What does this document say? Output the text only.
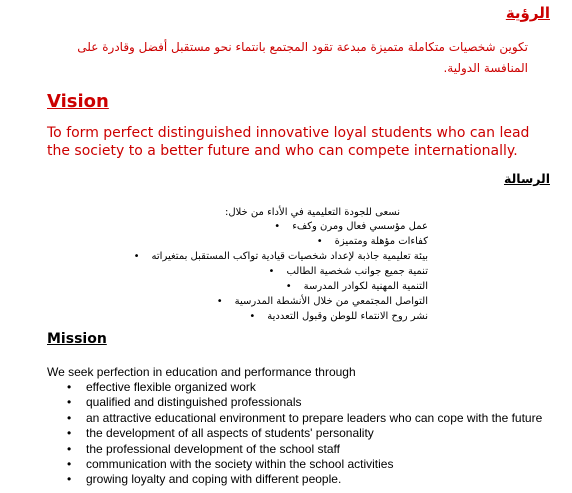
الرؤية
تكوين شخصيات متكاملة متميزة مبدعة تقود المجتمع بانتماء نحو مستقبل أفضل وقادرة على المنافسة الدولية.
Vision
To form perfect distinguished innovative loyal students who can lead the society to a better future and who can compete internationally.
الرسالة
نسعى للجودة التعليمية في الأداء من خلال:
عمل مؤسسي فعال ومرن وكفء •
كفاءات مؤهلة ومتميزة •
بيئة تعليمية جاذبة لإعداد شخصيات قيادية تواكب المستقبل بمتغيراته •
تنمية جميع جوانب شخصية الطالب •
التنمية المهنية لكوادر المدرسة •
التواصل المجتمعي من خلال الأنشطة المدرسية •
نشر روح الانتماء للوطن وقبول التعددية •
Mission
We seek perfection in education and performance through
• effective flexible organized work
• qualified and distinguished professionals
• an attractive educational environment to prepare leaders who can cope with the future
• the development of all aspects of students' personality
• the professional development of the school staff
• communication with the society within the school activities
• growing loyalty and coping with different people.
